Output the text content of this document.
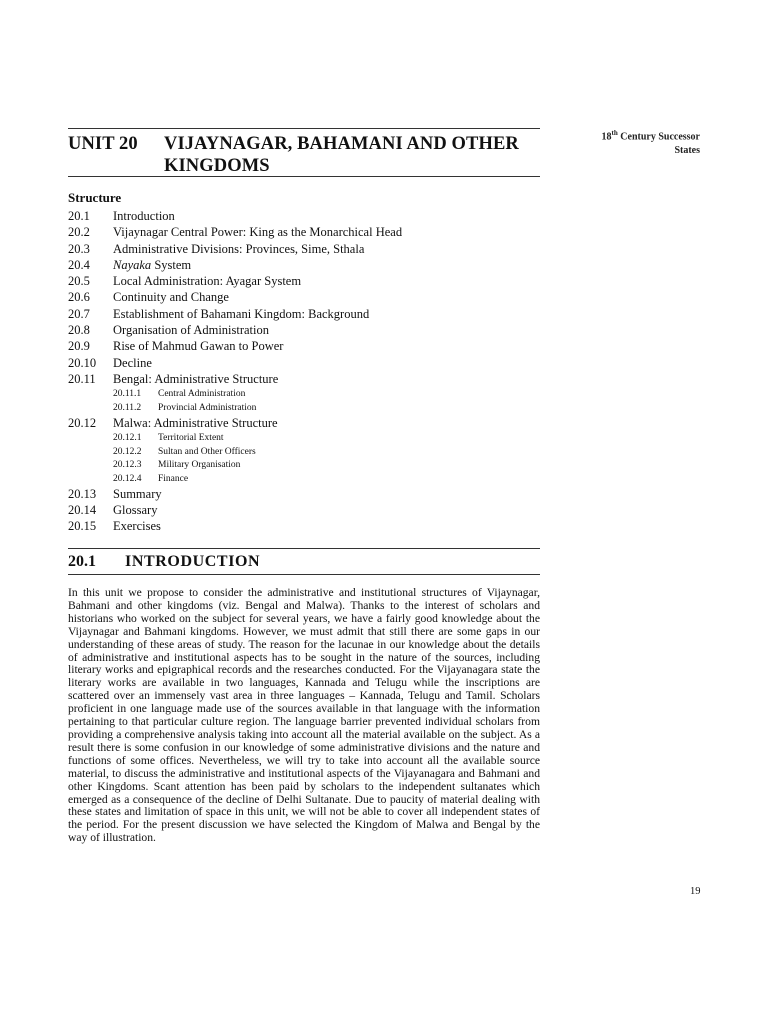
18th Century Successor
States
UNIT 20 VIJAYNAGAR, BAHAMANI AND OTHER KINGDOMS
Structure
20.1 Introduction
20.2 Vijaynagar Central Power: King as the Monarchical Head
20.3 Administrative Divisions: Provinces, Sime, Sthala
20.4 Nayaka System
20.5 Local Administration: Ayagar System
20.6 Continuity and Change
20.7 Establishment of Bahamani Kingdom: Background
20.8 Organisation of Administration
20.9 Rise of Mahmud Gawan to Power
20.10 Decline
20.11 Bengal: Administrative Structure
20.11.1 Central Administration
20.11.2 Provincial Administration
20.12 Malwa: Administrative Structure
20.12.1 Territorial Extent
20.12.2 Sultan and Other Officers
20.12.3 Military Organisation
20.12.4 Finance
20.13 Summary
20.14 Glossary
20.15 Exercises
20.1 INTRODUCTION

In this unit we propose to consider the administrative and institutional structures of Vijaynagar, Bahmani and other kingdoms (viz. Bengal and Malwa). Thanks to the interest of scholars and historians who worked on the subject for several years, we have a fairly good knowledge about the Vijaynagar and Bahmani kingdoms. However, we must admit that still there are some gaps in our understanding of these areas of study. The reason for the lacunae in our knowledge about the details of administrative and institutional aspects has to be sought in the nature of the sources, including literary works and epigraphical records and the researches conducted. For the Vijayanagara state the literary works are available in two languages, Kannada and Telugu while the inscriptions are scattered over an immensely vast area in three languages – Kannada, Telugu and Tamil. Scholars proficient in one language made use of the sources available in that language with the information pertaining to that particular culture region. The language barrier prevented individual scholars from providing a comprehensive analysis taking into account all the material available on the subject. As a result there is some confusion in our knowledge of some administrative divisions and the nature and functions of some offices. Nevertheless, we will try to take into account all the available source material, to discuss the administrative and institutional aspects of the Vijayanagara and Bahmani and other Kingdoms. Scant attention has been paid by scholars to the independent sultanates which emerged as a consequence of the decline of Delhi Sultanate. Due to paucity of material dealing with these states and limitation of space in this unit, we will not be able to cover all independent states of the period. For the present discussion we have selected the Kingdom of Malwa and Bengal by the way of illustration.

19
